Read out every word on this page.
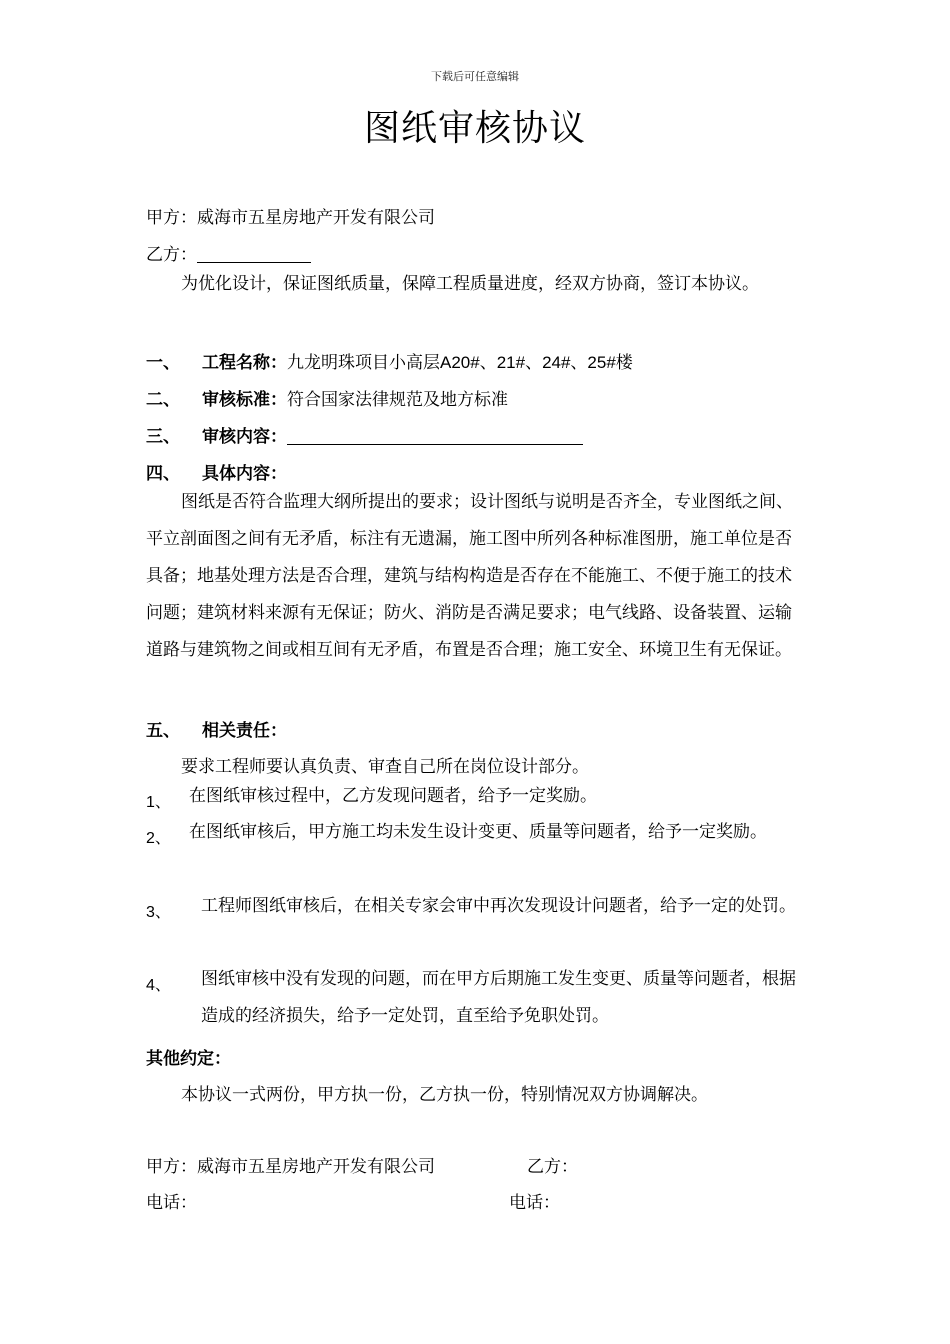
下载后可任意编辑
图纸审核协议
甲方：威海市五星房地产开发有限公司
乙方：
为优化设计，保证图纸质量，保障工程质量进度，经双方协商，签订本协议。
一、 工程名称：九龙明珠项目小高层A20#、21#、24#、25#楼
二、 审核标准：符合国家法律规范及地方标准
三、 审核内容：
四、 具体内容：
图纸是否符合监理大纲所提出的要求；设计图纸与说明是否齐全，专业图纸之间、平立剖面图之间有无矛盾，标注有无遗漏，施工图中所列各种标准图册，施工单位是否具备；地基处理方法是否合理，建筑与结构构造是否存在不能施工、不便于施工的技术问题；建筑材料来源有无保证；防火、消防是否满足要求；电气线路、设备装置、运输道路与建筑物之间或相互间有无矛盾，布置是否合理；施工安全、环境卫生有无保证。
五、 相关责任：
要求工程师要认真负责、审查自己所在岗位设计部分。
1、 在图纸审核过程中，乙方发现问题者，给予一定奖励。
2、 在图纸审核后，甲方施工均未发生设计变更、质量等问题者，给予一定奖励。
3、 工程师图纸审核后，在相关专家会审中再次发现设计问题者，给予一定的处罚。
4、 图纸审核中没有发现的问题，而在甲方后期施工发生变更、质量等问题者，根据造成的经济损失，给予一定处罚，直至给予免职处罚。
其他约定：
本协议一式两份，甲方执一份，乙方执一份，特别情况双方协调解决。
甲方：威海市五星房地产开发有限公司	乙方：
电话：	电话：
